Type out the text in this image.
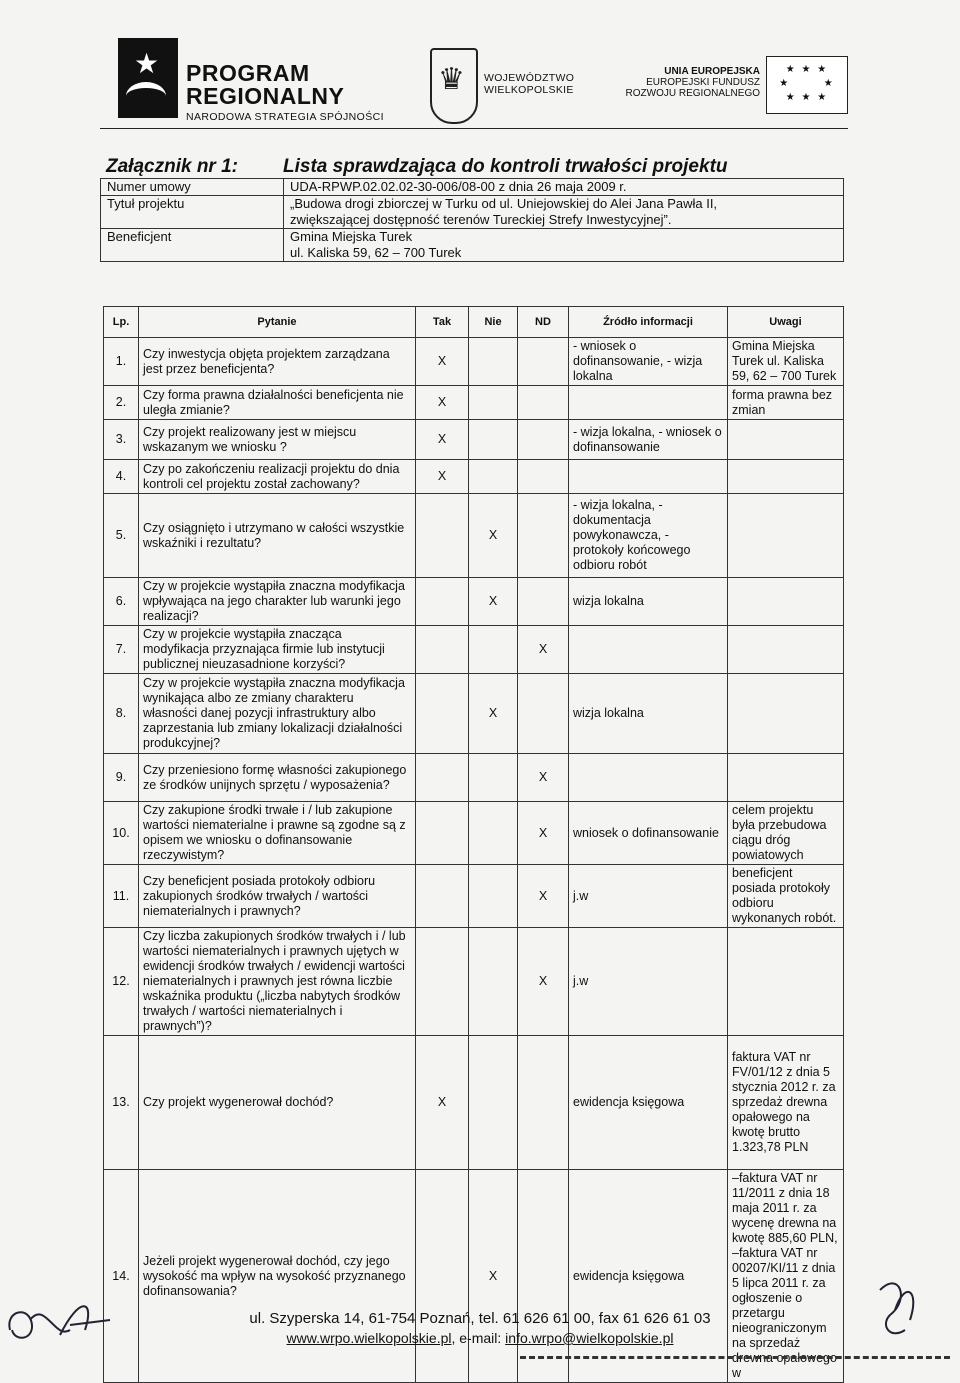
★ PROGRAM
REGIONALNY
NARODOWA STRATEGIA SPÓJNOŚCI
♛ WOJEWÓDZTWO
WIELKOPOLSKIE
UNIA EUROPEJSKA
EUROPEJSKI FUNDUSZ
ROZWOJU REGIONALNEGO
★ ★ ★
★       ★
★ ★ ★
Załącznik nr 1: Lista sprawdzająca do kontroli trwałości projektu
Numer umowy	UDA-RPWP.02.02.02-30-006/08-00 z dnia 26 maja 2009 r.
Tytuł projektu	„Budowa drogi zbiorczej w Turku od ul. Uniejowskiej do Alei Jana Pawła II,
zwiększającej dostępność terenów Tureckiej Strefy Inwestycyjnej”.

Beneficjent	Gmina Miejska Turek
ul. Kaliska 59, 62 – 700 Turek
Lp.	Pytanie	Tak	Nie	ND	Źródło informacji	Uwagi
1.	Czy inwestycja objęta projektem zarządzana jest przez beneficjenta?	X			- wniosek o dofinansowanie, - wizja lokalna	Gmina Miejska Turek ul. Kaliska 59, 62 – 700 Turek
2.	Czy forma prawna działalności beneficjenta nie uległa zmianie?	X				forma prawna bez zmian
3.	Czy projekt realizowany jest w miejscu wskazanym we wniosku ?	X			- wizja lokalna, - wniosek o dofinansowanie	
4.	Czy po zakończeniu realizacji projektu do dnia kontroli cel projektu został zachowany?	X				
5.	Czy osiągnięto i utrzymano w całości wszystkie wskaźniki i rezultatu?		X		- wizja lokalna, - dokumentacja powykonawcza, - protokoły końcowego odbioru robót	
6.	Czy w projekcie wystąpiła znaczna modyfikacja wpływająca na jego charakter lub warunki jego realizacji?		X		wizja lokalna	
7.	Czy w projekcie wystąpiła znacząca modyfikacja przyznająca firmie lub instytucji publicznej nieuzasadnione korzyści?			X		
8.	Czy w projekcie wystąpiła znaczna modyfikacja wynikająca albo ze zmiany charakteru własności danej pozycji infrastruktury albo zaprzestania lub zmiany lokalizacji działalności produkcyjnej?		X		wizja lokalna	
9.	Czy przeniesiono formę własności zakupionego ze środków unijnych sprzętu / wyposażenia?			X		
10.	Czy zakupione środki trwałe i / lub zakupione wartości niematerialne i prawne są zgodne są z opisem we wniosku o dofinansowanie rzeczywistym?			X	wniosek o dofinansowanie	celem projektu była przebudowa ciągu dróg powiatowych
11.	Czy beneficjent posiada protokoły odbioru zakupionych środków trwałych / wartości niematerialnych i prawnych?			X	j.w	beneficjent posiada protokoły odbioru wykonanych robót.
12.	Czy liczba zakupionych środków trwałych i / lub wartości niematerialnych i prawnych ujętych w ewidencji środków trwałych / ewidencji wartości niematerialnych i prawnych jest równa liczbie wskaźnika produktu („liczba nabytych środków trwałych / wartości niematerialnych i prawnych”)?			X	j.w	
13.	Czy projekt wygenerował dochód?	X			ewidencja księgowa	faktura VAT nr FV/01/12 z dnia 5 stycznia 2012 r. za sprzedaż drewna opałowego na kwotę brutto 1.323,78 PLN
14.	Jeżeli projekt wygenerował dochód, czy jego wysokość ma wpływ na wysokość przyznanego dofinansowania?		X		ewidencja księgowa	–faktura VAT nr 11/2011 z dnia 18 maja 2011 r. za wycenę drewna na kwotę 885,60 PLN, –faktura VAT nr 00207/KI/11 z dnia 5 lipca 2011 r. za ogłoszenie o przetargu nieograniczonym na sprzedaż drewna opałowego w
ul. Szyperska 14, 61-754 Poznań, tel. 61 626 61 00, fax 61 626 61 03
www.wrpo.wielkopolskie.pl, e-mail: info.wrpo@wielkopolskie.pl
